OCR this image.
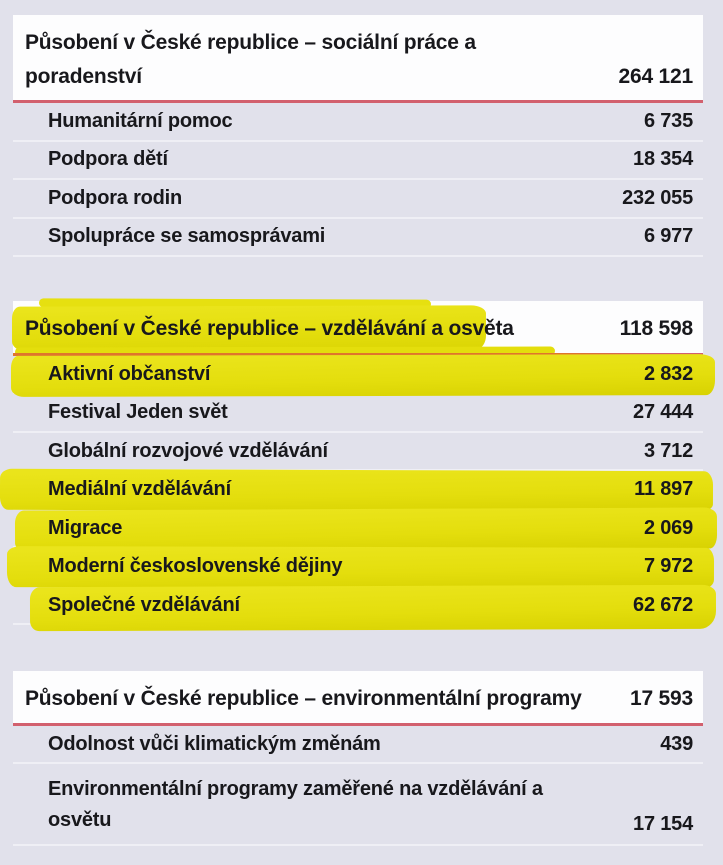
Působení v České republice – sociální práce a poradenství	264 121
Humanitární pomoc	6 735
Podpora dětí	18 354
Podpora rodin	232 055
Spolupráce se samosprávami	6 977
Působení v České republice – vzdělávání a osvěta	118 598
Aktivní občanství	2 832
Festival Jeden svět	27 444
Globální rozvojové vzdělávání	3 712
Mediální vzdělávání	11 897
Migrace	2 069
Moderní československé dějiny	7 972
Společné vzdělávání	62 672
Působení v České republice – environmentální programy 17 593
Odolnost vůči klimatickým změnám	439
Environmentální programy zaměřené na vzdělávání a osvětu	17 154
